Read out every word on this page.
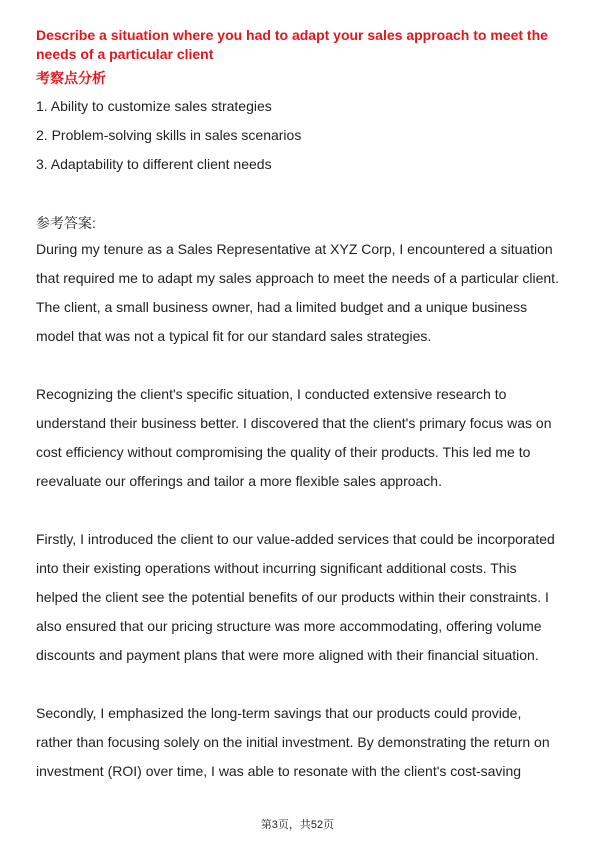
Describe a situation where you had to adapt your sales approach to meet the needs of a particular client

考察点分析
1. Ability to customize sales strategies
2. Problem-solving skills in sales scenarios
3. Adaptability to different client needs
参考答案:

During my tenure as a Sales Representative at XYZ Corp, I encountered a situation that required me to adapt my sales approach to meet the needs of a particular client. The client, a small business owner, had a limited budget and a unique business model that was not a typical fit for our standard sales strategies.

Recognizing the client's specific situation, I conducted extensive research to understand their business better. I discovered that the client's primary focus was on cost efficiency without compromising the quality of their products. This led me to reevaluate our offerings and tailor a more flexible sales approach.

Firstly, I introduced the client to our value-added services that could be incorporated into their existing operations without incurring significant additional costs. This helped the client see the potential benefits of our products within their constraints. I also ensured that our pricing structure was more accommodating, offering volume discounts and payment plans that were more aligned with their financial situation.

Secondly, I emphasized the long-term savings that our products could provide, rather than focusing solely on the initial investment. By demonstrating the return on investment (ROI) over time, I was able to resonate with the client's cost-saving

第3页，共52页
